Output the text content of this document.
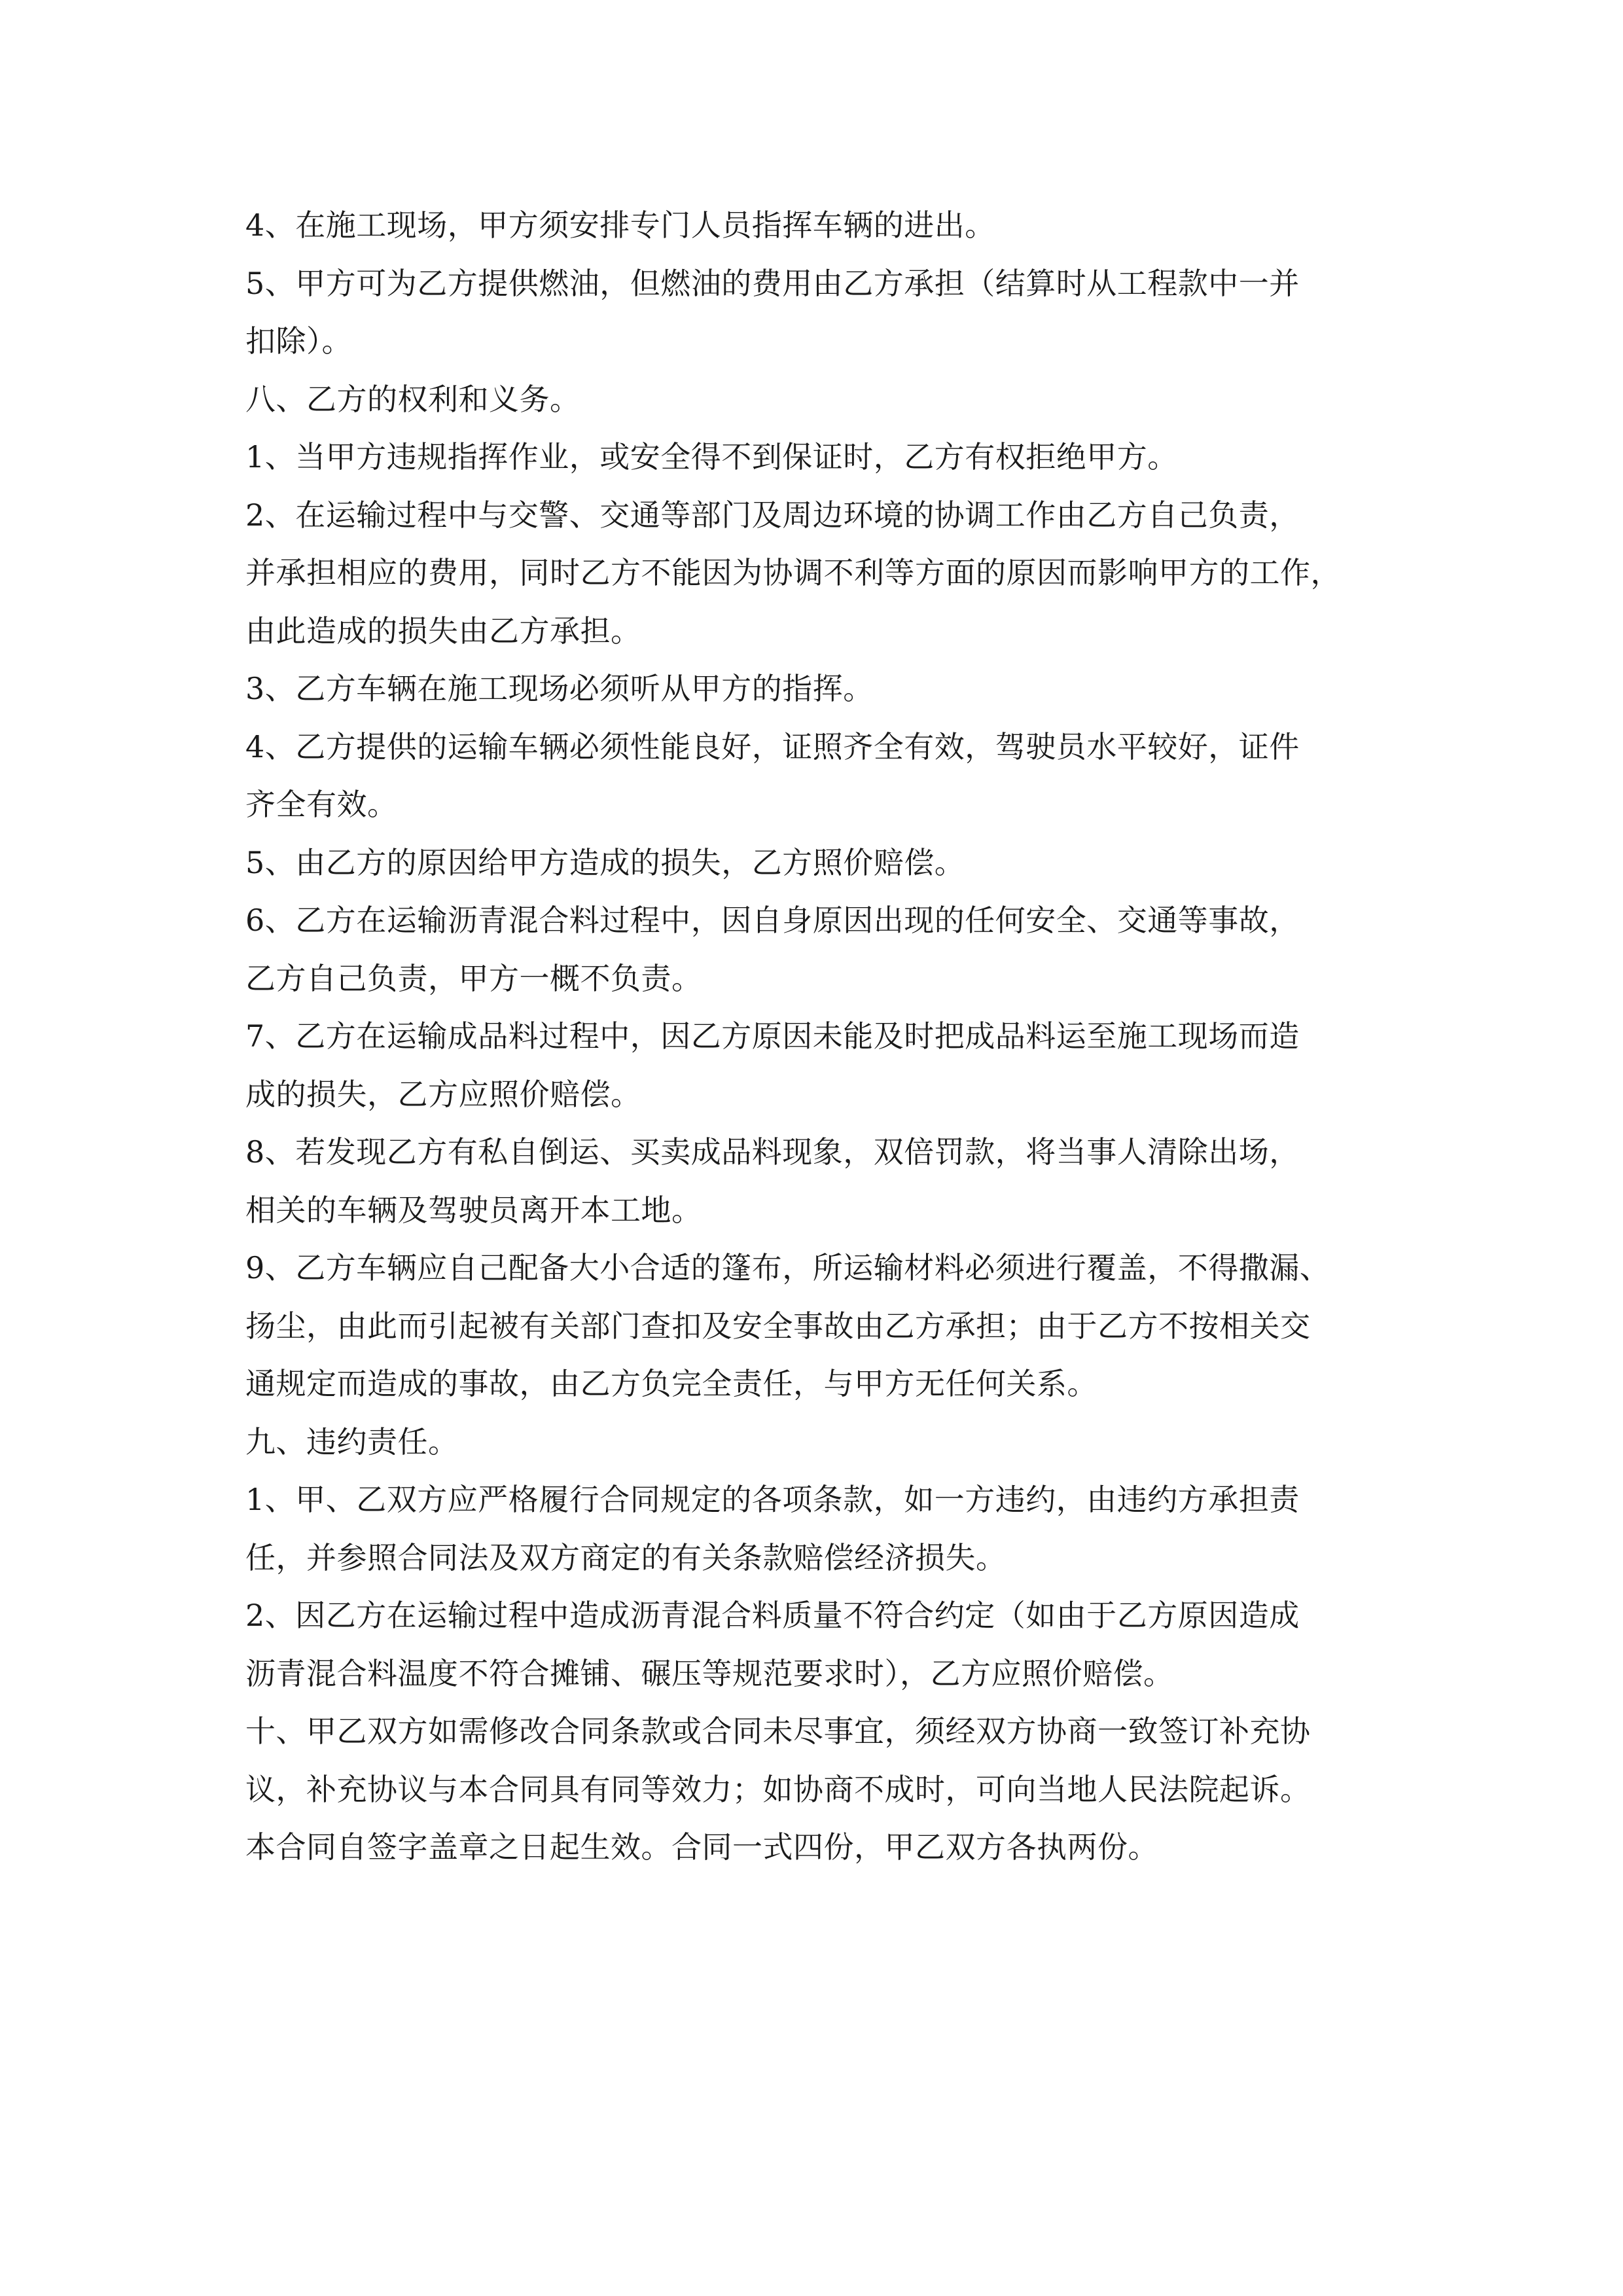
4、在施工现场，甲方须安排专门人员指挥车辆的进出。
5、甲方可为乙方提供燃油，但燃油的费用由乙方承担（结算时从工程款中一并
扣除）。
八、乙方的权利和义务。
1、当甲方违规指挥作业，或安全得不到保证时，乙方有权拒绝甲方。
2、在运输过程中与交警、交通等部门及周边环境的协调工作由乙方自己负责，
并承担相应的费用，同时乙方不能因为协调不利等方面的原因而影响甲方的工作，
由此造成的损失由乙方承担。
3、乙方车辆在施工现场必须听从甲方的指挥。
4、乙方提供的运输车辆必须性能良好，证照齐全有效，驾驶员水平较好，证件
齐全有效。
5、由乙方的原因给甲方造成的损失，乙方照价赔偿。
6、乙方在运输沥青混合料过程中，因自身原因出现的任何安全、交通等事故，
乙方自己负责，甲方一概不负责。
7、乙方在运输成品料过程中，因乙方原因未能及时把成品料运至施工现场而造
成的损失，乙方应照价赔偿。
8、若发现乙方有私自倒运、买卖成品料现象，双倍罚款，将当事人清除出场，
相关的车辆及驾驶员离开本工地。
9、乙方车辆应自己配备大小合适的篷布，所运输材料必须进行覆盖，不得撒漏、
扬尘，由此而引起被有关部门查扣及安全事故由乙方承担；由于乙方不按相关交
通规定而造成的事故，由乙方负完全责任，与甲方无任何关系。
九、违约责任。
1、甲、乙双方应严格履行合同规定的各项条款，如一方违约，由违约方承担责
任，并参照合同法及双方商定的有关条款赔偿经济损失。
2、因乙方在运输过程中造成沥青混合料质量不符合约定（如由于乙方原因造成
沥青混合料温度不符合摊铺、碾压等规范要求时），乙方应照价赔偿。
十、甲乙双方如需修改合同条款或合同未尽事宜，须经双方协商一致签订补充协
议，补充协议与本合同具有同等效力；如协商不成时，可向当地人民法院起诉。
本合同自签字盖章之日起生效。合同一式四份，甲乙双方各执两份。
